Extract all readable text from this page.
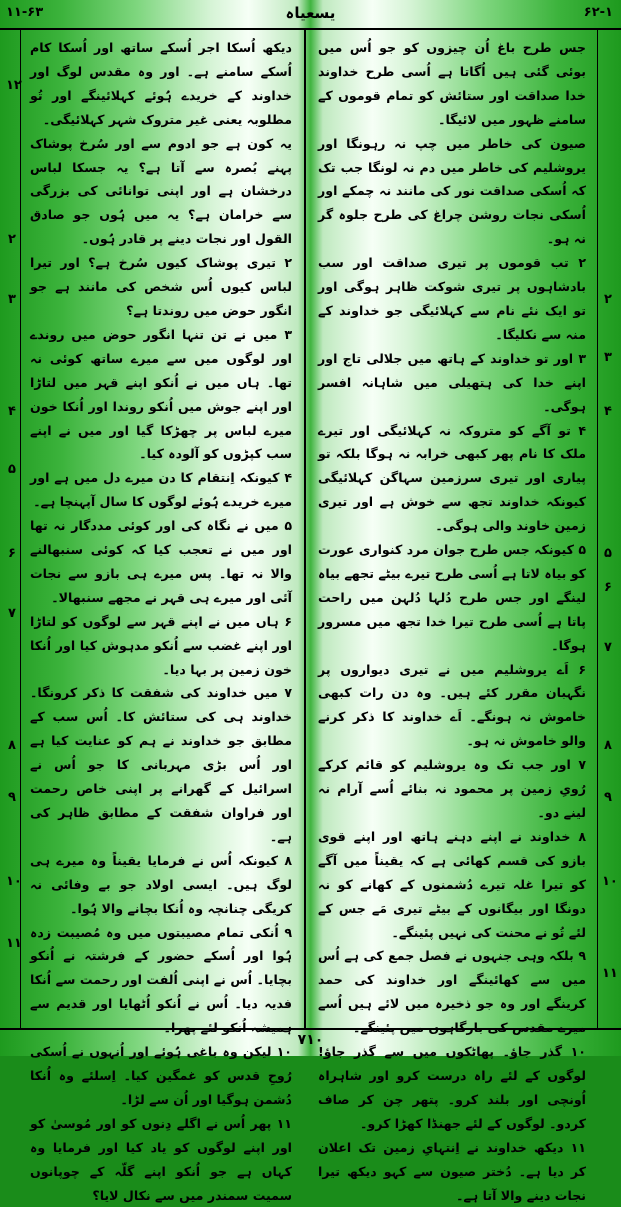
۱۱-۶۳	یسعیاہ	۶۲-۱
۱۲
۲
۳
۴
۵
۶
۷
۸
۹
۱۰
۱۱
۲
۳
۴
۵
۶
۷
۸
۹
۱۰
۱۱

جس طرح باغ اُن چیزوں کو جو اُس میں بوئی گئی ہیں اُگاتا ہے اُسی طرح خداوند خدا صداقت اور ستائش کو تمام قوموں کے سامنے ظہور میں لائیگا۔

صیون کی خاطر میں چپ نہ رہونگا اور یروشلیم کی خاطر میں دم نہ لونگا جب تک کہ اُسکی صداقت نور کی مانند نہ چمکے اور اُسکی نجات روشن چراغ کی طرح جلوہ گر نہ ہو۔

۲ تب قوموں پر تیری صداقت اور سب بادشاہوں پر تیری شوکت ظاہر ہوگی اور تو ایک نئے نام سے کہلائیگی جو خداوند کے منہ سے نکلیگا۔

۳ اور تو خداوند کے ہاتھ میں جلالی تاج اور اپنے خدا کی ہتھیلی میں شاہانہ افسر ہوگی۔

۴ تو آگے کو متروکہ نہ کہلائیگی اور تیرے ملک کا نام پھر کبھی خرابہ نہ ہوگا بلکہ تو پیاری اور تیری سرزمین سہاگن کہلائیگی کیونکہ خداوند تجھ سے خوش ہے اور تیری زمین خاوند والی ہوگی۔

۵ کیونکہ جس طرح جوان مرد کنواری عورت کو بیاہ لاتا ہے اُسی طرح تیرے بیٹے تجھے بیاہ لینگے اور جس طرح دُلہا دُلہن میں راحت پاتا ہے اُسی طرح تیرا خدا تجھ میں مسرور ہوگا۔

۶ اَے یروشلیم میں نے تیری دیواروں پر نگہبان مقرر کئے ہیں۔ وہ دن رات کبھی خاموش نہ ہونگے۔ اَے خداوند کا ذکر کرنے والو خاموش نہ ہو۔

۷ اور جب تک وہ یروشلیم کو قائم کرکے رُویِ زمین پر محمود نہ بنائے اُسے آرام نہ لینے دو۔

۸ خداوند نے اپنے دہنے ہاتھ اور اپنے قوی بازو کی قسم کھائی ہے کہ یقیناً میں آگے کو تیرا غلہ تیرے دُشمنوں کے کھانے کو نہ دونگا اور بیگانوں کے بیٹے تیری مَے جس کے لئے تُو نے محنت کی نہیں پئینگے۔

۹ بلکہ وہی جنہوں نے فصل جمع کی ہے اُس میں سے کھائینگے اور خداوند کی حمد کرینگے اور وہ جو ذخیرہ میں لائے ہیں اُسے

۱۰ گذر جاؤ۔ پھاٹکوں میں سے گذر جاؤ! لوگوں کے لئے راہ درست کرو اور شاہراہ اُونچی اور بلند کرو۔ پتھر چن کر صاف کردو۔ لوگوں کے لئے جھنڈا کھڑا کرو۔

۱۱ دیکھ خداوند نے اِنتہایِ زمین تک اعلان کر دیا ہے۔ دُختر صیون سے کہو دیکھ تیرا نجات دینے والا آتا ہے۔

دیکھ اُسکا اجر اُسکے ساتھ اور اُسکا کام اُسکے سامنے ہے۔ اور وہ مقدس لوگ اور خداوند کے خریدے ہُوئے کہلائینگے اور تُو مطلوبہ یعنی غیر متروک شہر کہلائیگی۔

یہ کون ہے جو ادوم سے اور سُرخ پوشاک پہنے بُصرہ سے آتا ہے؟ یہ جسکا لباس درخشان ہے اور اپنی توانائی کی بزرگی سے خرامان ہے؟ یہ میں ہُوں جو صادق القول اور نجات دینے پر قادر ہُوں۔

۲ تیری پوشاک کیوں سُرخ ہے؟ اور تیرا لباس کیوں اُس شخص کی مانند ہے جو انگور حوض میں روندتا ہے؟

۳ میں نے تن تنہا انگور حوض میں روندے اور لوگوں میں سے میرے ساتھ کوئی نہ تھا۔ ہاں میں نے اُنکو اپنے قہر میں لتاڑا اور اپنے جوش میں اُنکو روندا اور اُنکا خون میرے لباس پر چھڑکا گیا اور میں نے اپنے سب کپڑوں کو آلودہ کیا۔

۴ کیونکہ اِنتقام کا دن میرے دل میں ہے اور میرے خریدے ہُوئے لوگوں کا سال آپہنچا ہے۔

۵ میں نے نگاہ کی اور کوئی مددگار نہ تھا اور میں نے تعجب کیا کہ کوئی سنبھالنے والا نہ تھا۔ پس میرے ہی بازو سے نجات آئی اور میرے ہی قہر نے مجھے سنبھالا۔

۶ ہاں میں نے اپنے قہر سے لوگوں کو لتاڑا اور اپنے غضب سے اُنکو مدہوش کیا اور اُنکا خون زمین پر بہا دیا۔

۷ میں خداوند کی شفقت کا ذکر کرونگا۔ خداوند ہی کی ستائش کا۔ اُس سب کے مطابق جو خداوند نے ہم کو عنایت کیا ہے اور اُس بڑی مہربانی کا جو اُس نے اسرائیل کے گھرانے پر اپنی خاص رحمت اور فراوان شفقت کے مطابق ظاہر کی ہے۔

۸ کیونکہ اُس نے فرمایا یقیناً وہ میرے ہی لوگ ہیں۔ ایسی اولاد جو بے وفائی نہ کریگی چنانچہ وہ اُنکا بچانے والا ہُوا۔

۹ اُنکی تمام مصیبتوں میں وہ مُصیبت زدہ ہُوا اور اُسکے حضور کے فرشتہ نے اُنکو بچایا۔ اُس نے اپنی اُلفت اور رحمت سے اُنکا فدیہ دیا۔ اُس نے اُنکو اُٹھایا اور قدیم سے

۱۰ لیکن وہ باغی ہُوئے اور اُنہوں نے اُسکی رُوحِ قدس کو غمگین کیا۔ اِسلئے وہ اُنکا دُشمن ہوگیا اور اُن سے لڑا۔

۱۱ پھر اُس نے اگلے دِنوں کو اور مُوسیٰ کو اور اپنے لوگوں کو یاد کیا اور فرمایا وہ کہاں ہے جو اُنکو اپنے گلّہ کے چوپانوں سمیت سمندر میں سے نکال لایا؟

۷۱۰
